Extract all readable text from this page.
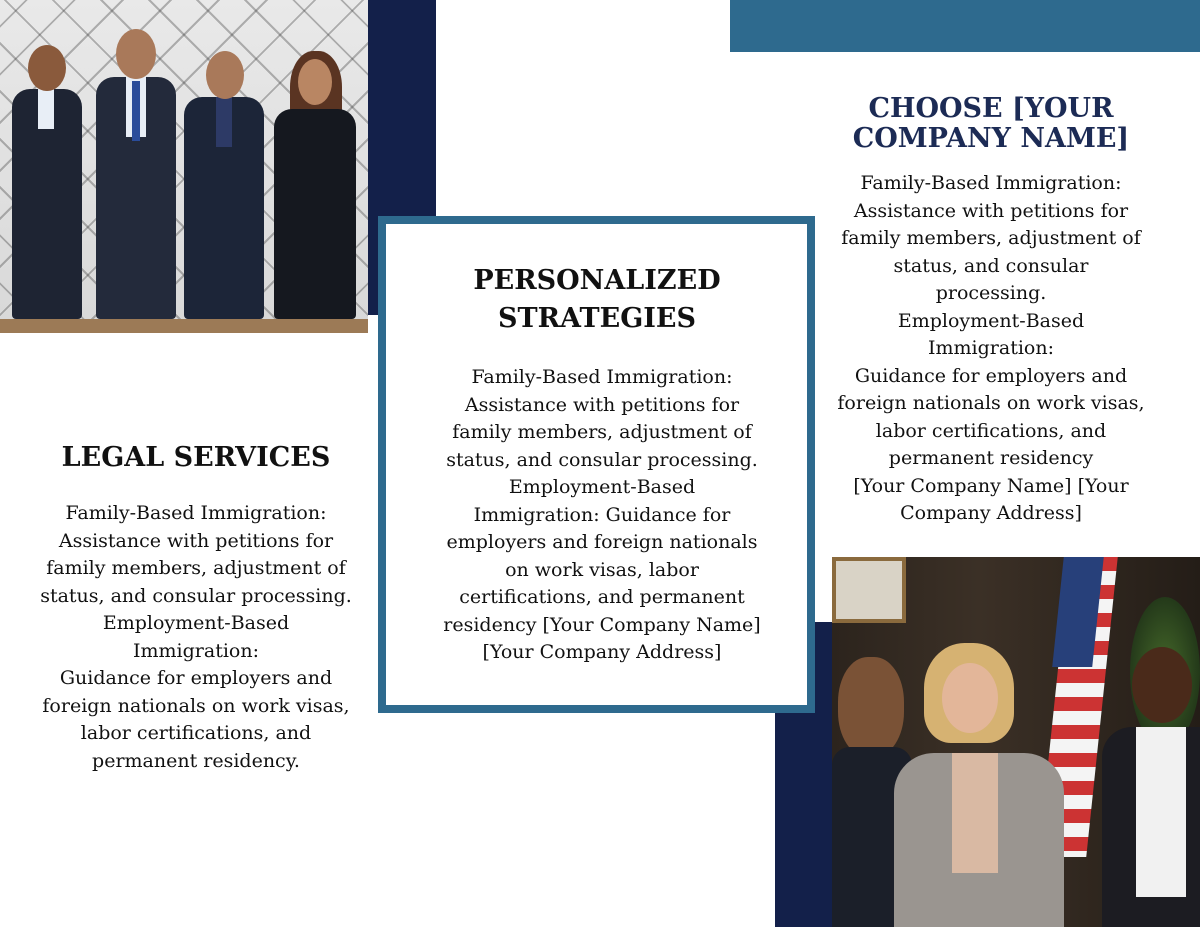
LEGAL SERVICES

Family-Based Immigration:
Assistance with petitions for
family members, adjustment of
status, and consular processing.
Employment-Based
Immigration:
Guidance for employers and
foreign nationals on work visas,
labor certifications, and
permanent residency.

PERSONALIZED
STRATEGIES

Family-Based Immigration:
Assistance with petitions for
family members, adjustment of
status, and consular processing.
Employment-Based
Immigration: Guidance for
employers and foreign nationals
on work visas, labor
certifications, and permanent
residency [Your Company Name]
[Your Company Address]

CHOOSE [YOUR
COMPANY NAME]

Family-Based Immigration:
Assistance with petitions for
family members, adjustment of
status, and consular processing.
Employment-Based
Immigration:
Guidance for employers and
foreign nationals on work visas,
labor certifications, and
permanent residency
[Your Company Name] [Your
Company Address]
